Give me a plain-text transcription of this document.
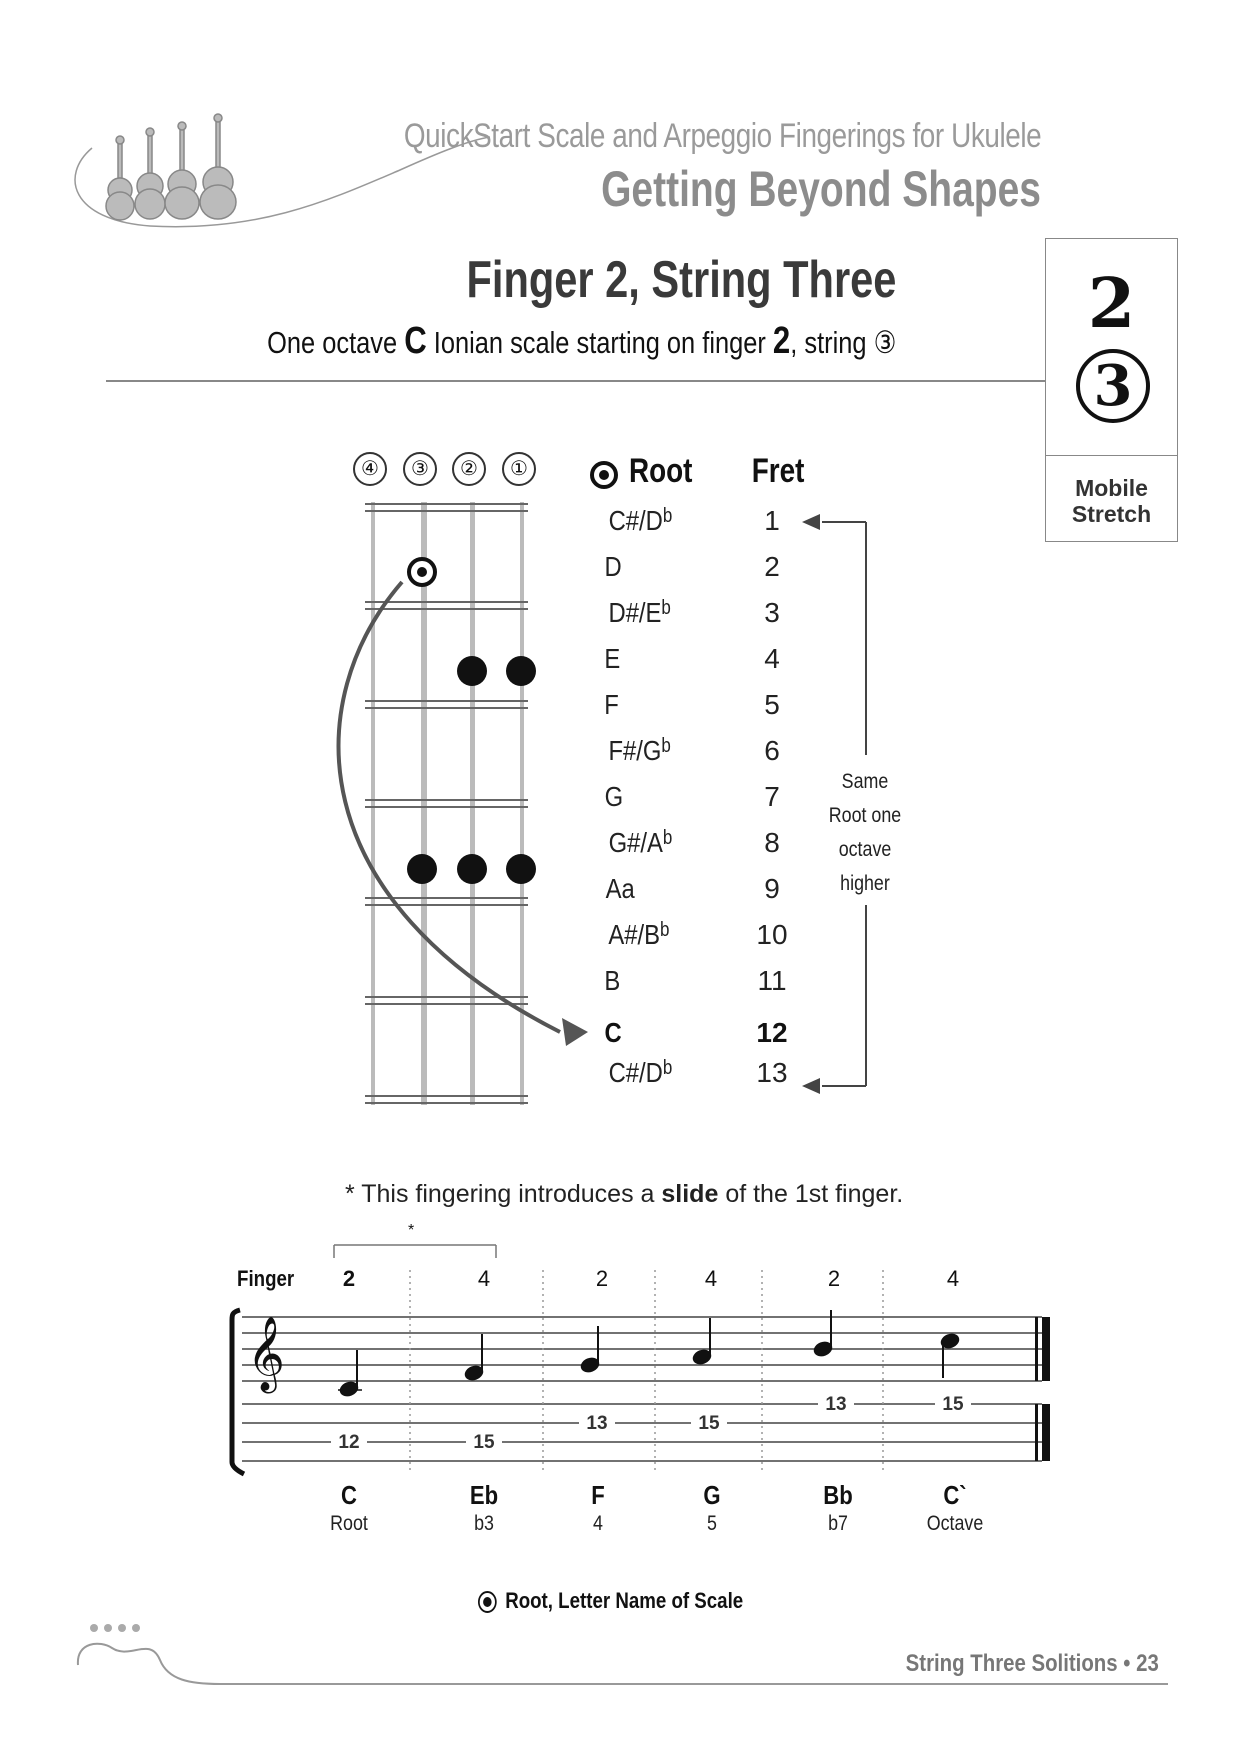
𝄞
QuickStart Scale and Arpeggio Fingerings for Ukulele
Getting Beyond Shapes
Finger 2, String Three
One octave C Ionian scale starting on finger 2, string ③	2
3
Mobile
Stretch
④	③	②	①	Root Fret
C#/D$^b$	1
D	2
D#/E$^b$	3
E	4
F	5
F#/G$^b$	6
G	7
G#/A$^b$	8
Aa	9
A#/B$^b$	10
B	11
C	12
C#/D$^b$	13
Same
Root one
octave
higher
* This fingering introduces a slide of the 1st finger.
*
Finger	2	4	2	4	2	4
12	15
13	15
13	15
C	Eb	F	G	Bb	C`
Root	b3	4	5	b7	Octave
Root, Letter Name of Scale
String Three Solitions • 23
